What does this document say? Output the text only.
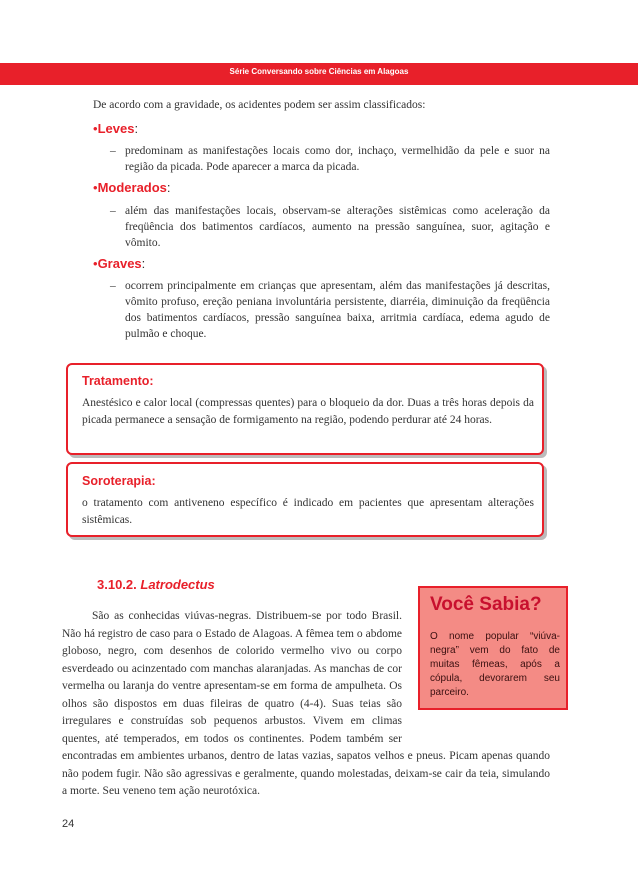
Série Conversando sobre Ciências em Alagoas
De acordo com a gravidade, os acidentes podem ser assim classificados:
•Leves:
– predominam as manifestações locais como dor, inchaço, vermelhidão da pele e suor na região da picada. Pode aparecer a marca da picada.
•Moderados:
– além das manifestações locais, observam-se alterações sistêmicas como aceleração da freqüência dos batimentos cardíacos, aumento na pressão sanguínea, suor, agitação e vômito.
•Graves:
– ocorrem principalmente em crianças que apresentam, além das manifestações já descritas, vômito profuso, ereção peniana involuntária persistente, diarréia, diminuição da freqüência dos batimentos cardíacos, pressão sanguínea baixa, arritmia cardíaca, edema agudo de pulmão e choque.
Tratamento:
Anestésico e calor local (compressas quentes) para o bloqueio da dor. Duas a três horas depois da picada permanece a sensação de formigamento na região, podendo perdurar até 24 horas.
Soroterapia:
o tratamento com antiveneno específico é indicado em pacientes que apresentam alterações sistêmicas.
3.10.2. Latrodectus
São as conhecidas viúvas-negras. Distribuem-se por todo Brasil. Não há registro de caso para o Estado de Alagoas. A fêmea tem o abdome globoso, negro, com desenhos de colorido vermelho vivo ou corpo esverdeado ou acinzentado com manchas alaranjadas. As manchas de cor vermelha ou laranja do ventre apresentam-se em forma de ampulheta. Os olhos são dispostos em duas fileiras de quatro (4-4). Suas teias são irregulares e construídas sob pequenos arbustos. Vivem em climas quentes, até temperados, em todos os continentes. Podem também ser encontradas em ambientes urbanos, dentro de latas vazias, sapatos velhos e pneus. Picam apenas quando não podem fugir. Não são agressivas e geralmente, quando molestadas, deixam-se cair da teia, simulando a morte. Seu veneno tem ação neurotóxica.
Você Sabia?
O nome popular “viúva-negra” vem do fato de muitas fêmeas, após a cópula, devorarem seu parceiro.
24
